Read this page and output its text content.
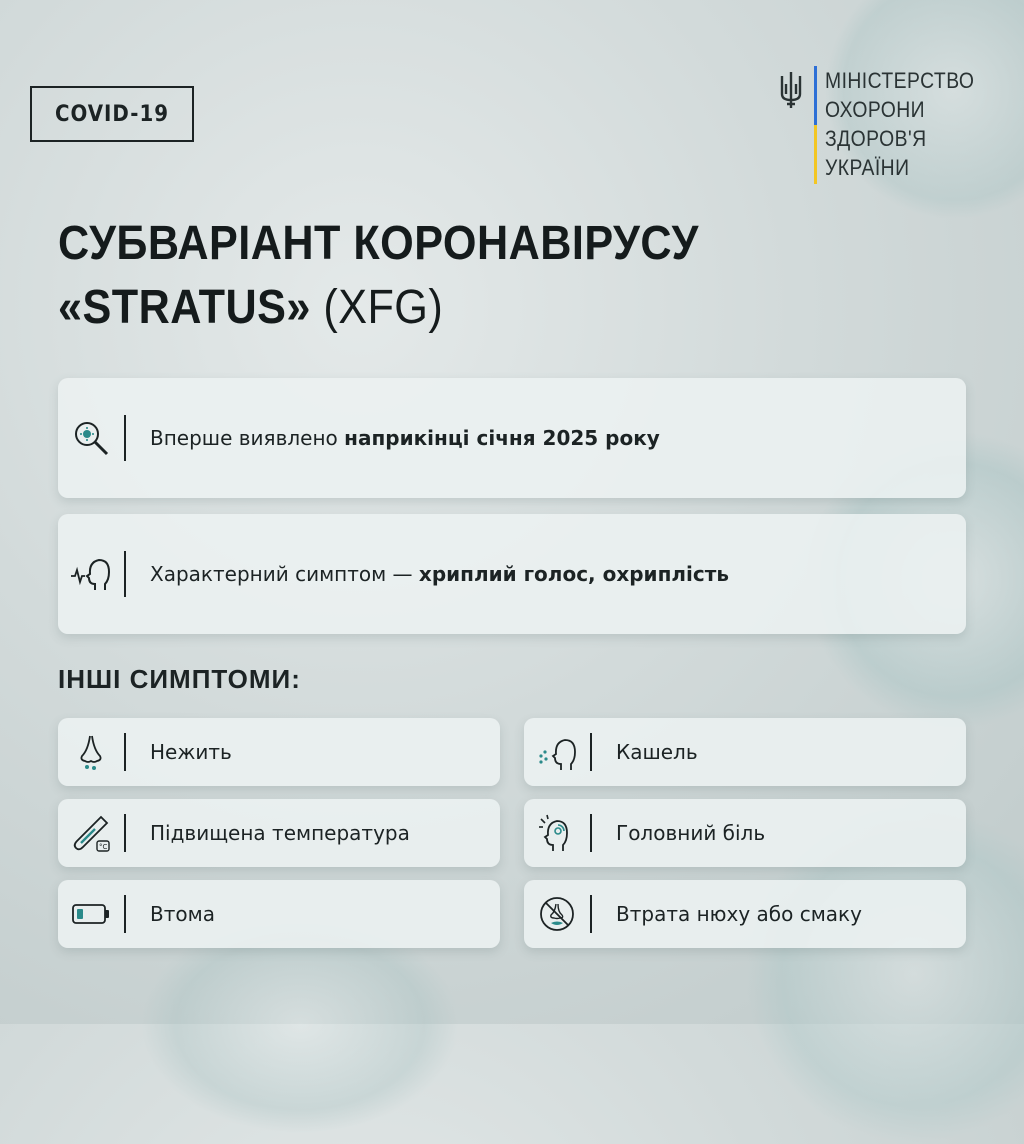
COVID-19
МІНІСТЕРСТВО
ОХОРОНИ
ЗДОРОВ'Я
УКРАЇНИ
СУБВАРІАНТ КОРОНАВІРУСУ
«STRATUS» (XFG)
Вперше виявлено наприкінці січня 2025 року
Характерний симптом — хриплий голос, охриплість
ІНШІ СИМПТОМИ:
Нежить	Кашель
°C
Підвищена температура	Головний біль
Втома	Втрата нюху або смаку
